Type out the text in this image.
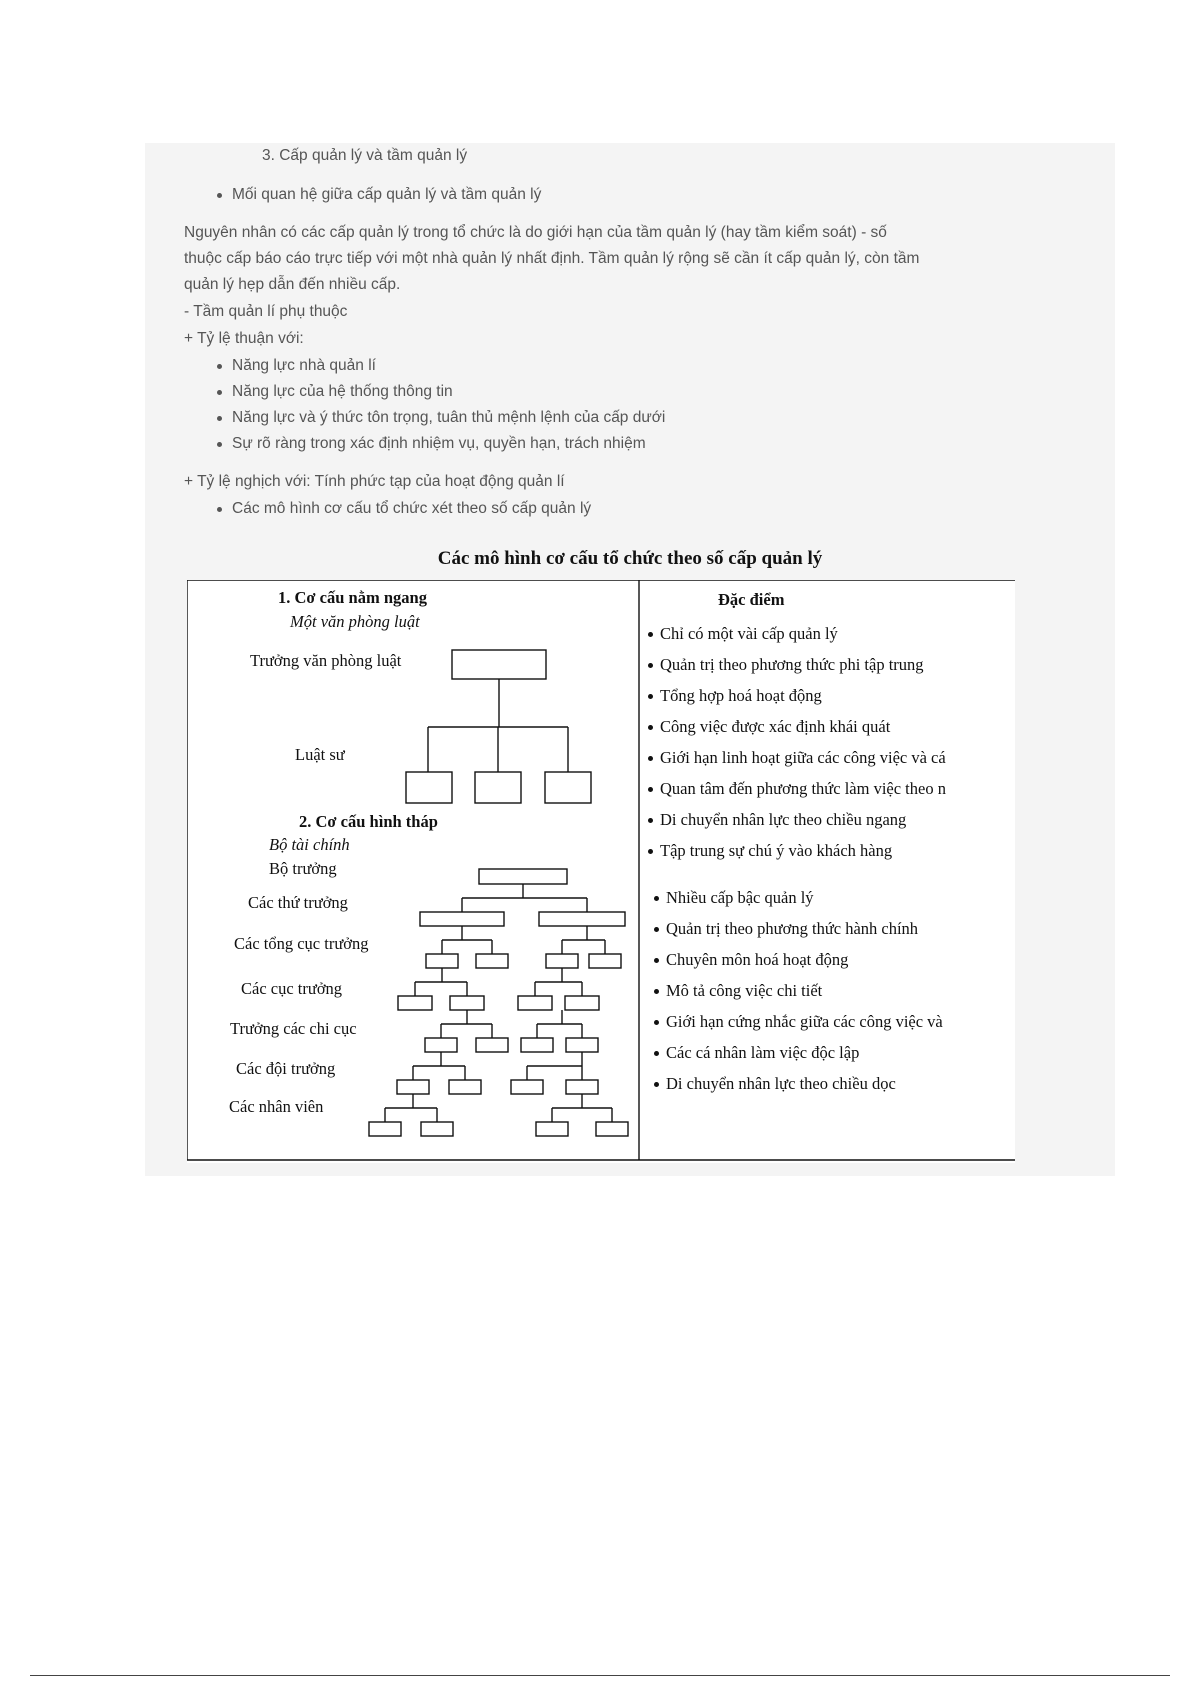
3. Cấp quản lý và tầm quản lý
Mối quan hệ giữa cấp quản lý và tầm quản lý
Nguyên nhân có các cấp quản lý trong tổ chức là do giới hạn của tầm quản lý (hay tầm kiểm soát) - số
thuộc cấp báo cáo trực tiếp với một nhà quản lý nhất định. Tầm quản lý rộng sẽ cần ít cấp quản lý, còn tầm
quản lý hẹp dẫn đến nhiều cấp.
- Tầm quản lí phụ thuộc
+ Tỷ lệ thuận với:
Năng lực nhà quản lí
Năng lực của hệ thống thông tin
Năng lực và ý thức tôn trọng, tuân thủ mệnh lệnh của cấp dưới
Sự rõ ràng trong xác định nhiệm vụ, quyền hạn, trách nhiệm
+ Tỷ lệ nghịch với: Tính phức tạp của hoạt động quản lí
Các mô hình cơ cấu tổ chức xét theo số cấp quản lý
Các mô hình cơ cấu tổ chức theo số cấp quản lý
1. Cơ cấu nằm ngang
Một văn phòng luật
Trưởng văn phòng luật
Luật sư
2. Cơ cấu hình tháp
Bộ tài chính
Bộ trưởng
Các thứ trưởng
Các tổng cục trưởng
Các cục trưởng
Trưởng các chi cục
Các đội trưởng
Các nhân viên
Đặc điểm
Chỉ có một vài cấp quản lý
Quản trị theo phương thức phi tập trung
Tổng hợp hoá hoạt động
Công việc được xác định khái quát
Giới hạn linh hoạt giữa các công việc và cá
Quan tâm đến phương thức làm việc theo n
Di chuyển nhân lực theo chiều ngang
Tập trung sự chú ý vào khách hàng
Nhiều cấp bậc quản lý
Quản trị theo phương thức hành chính
Chuyên môn hoá hoạt động
Mô tả công việc chi tiết
Giới hạn cứng nhắc giữa các công việc và
Các cá nhân làm việc độc lập
Di chuyển nhân lực theo chiều dọc
